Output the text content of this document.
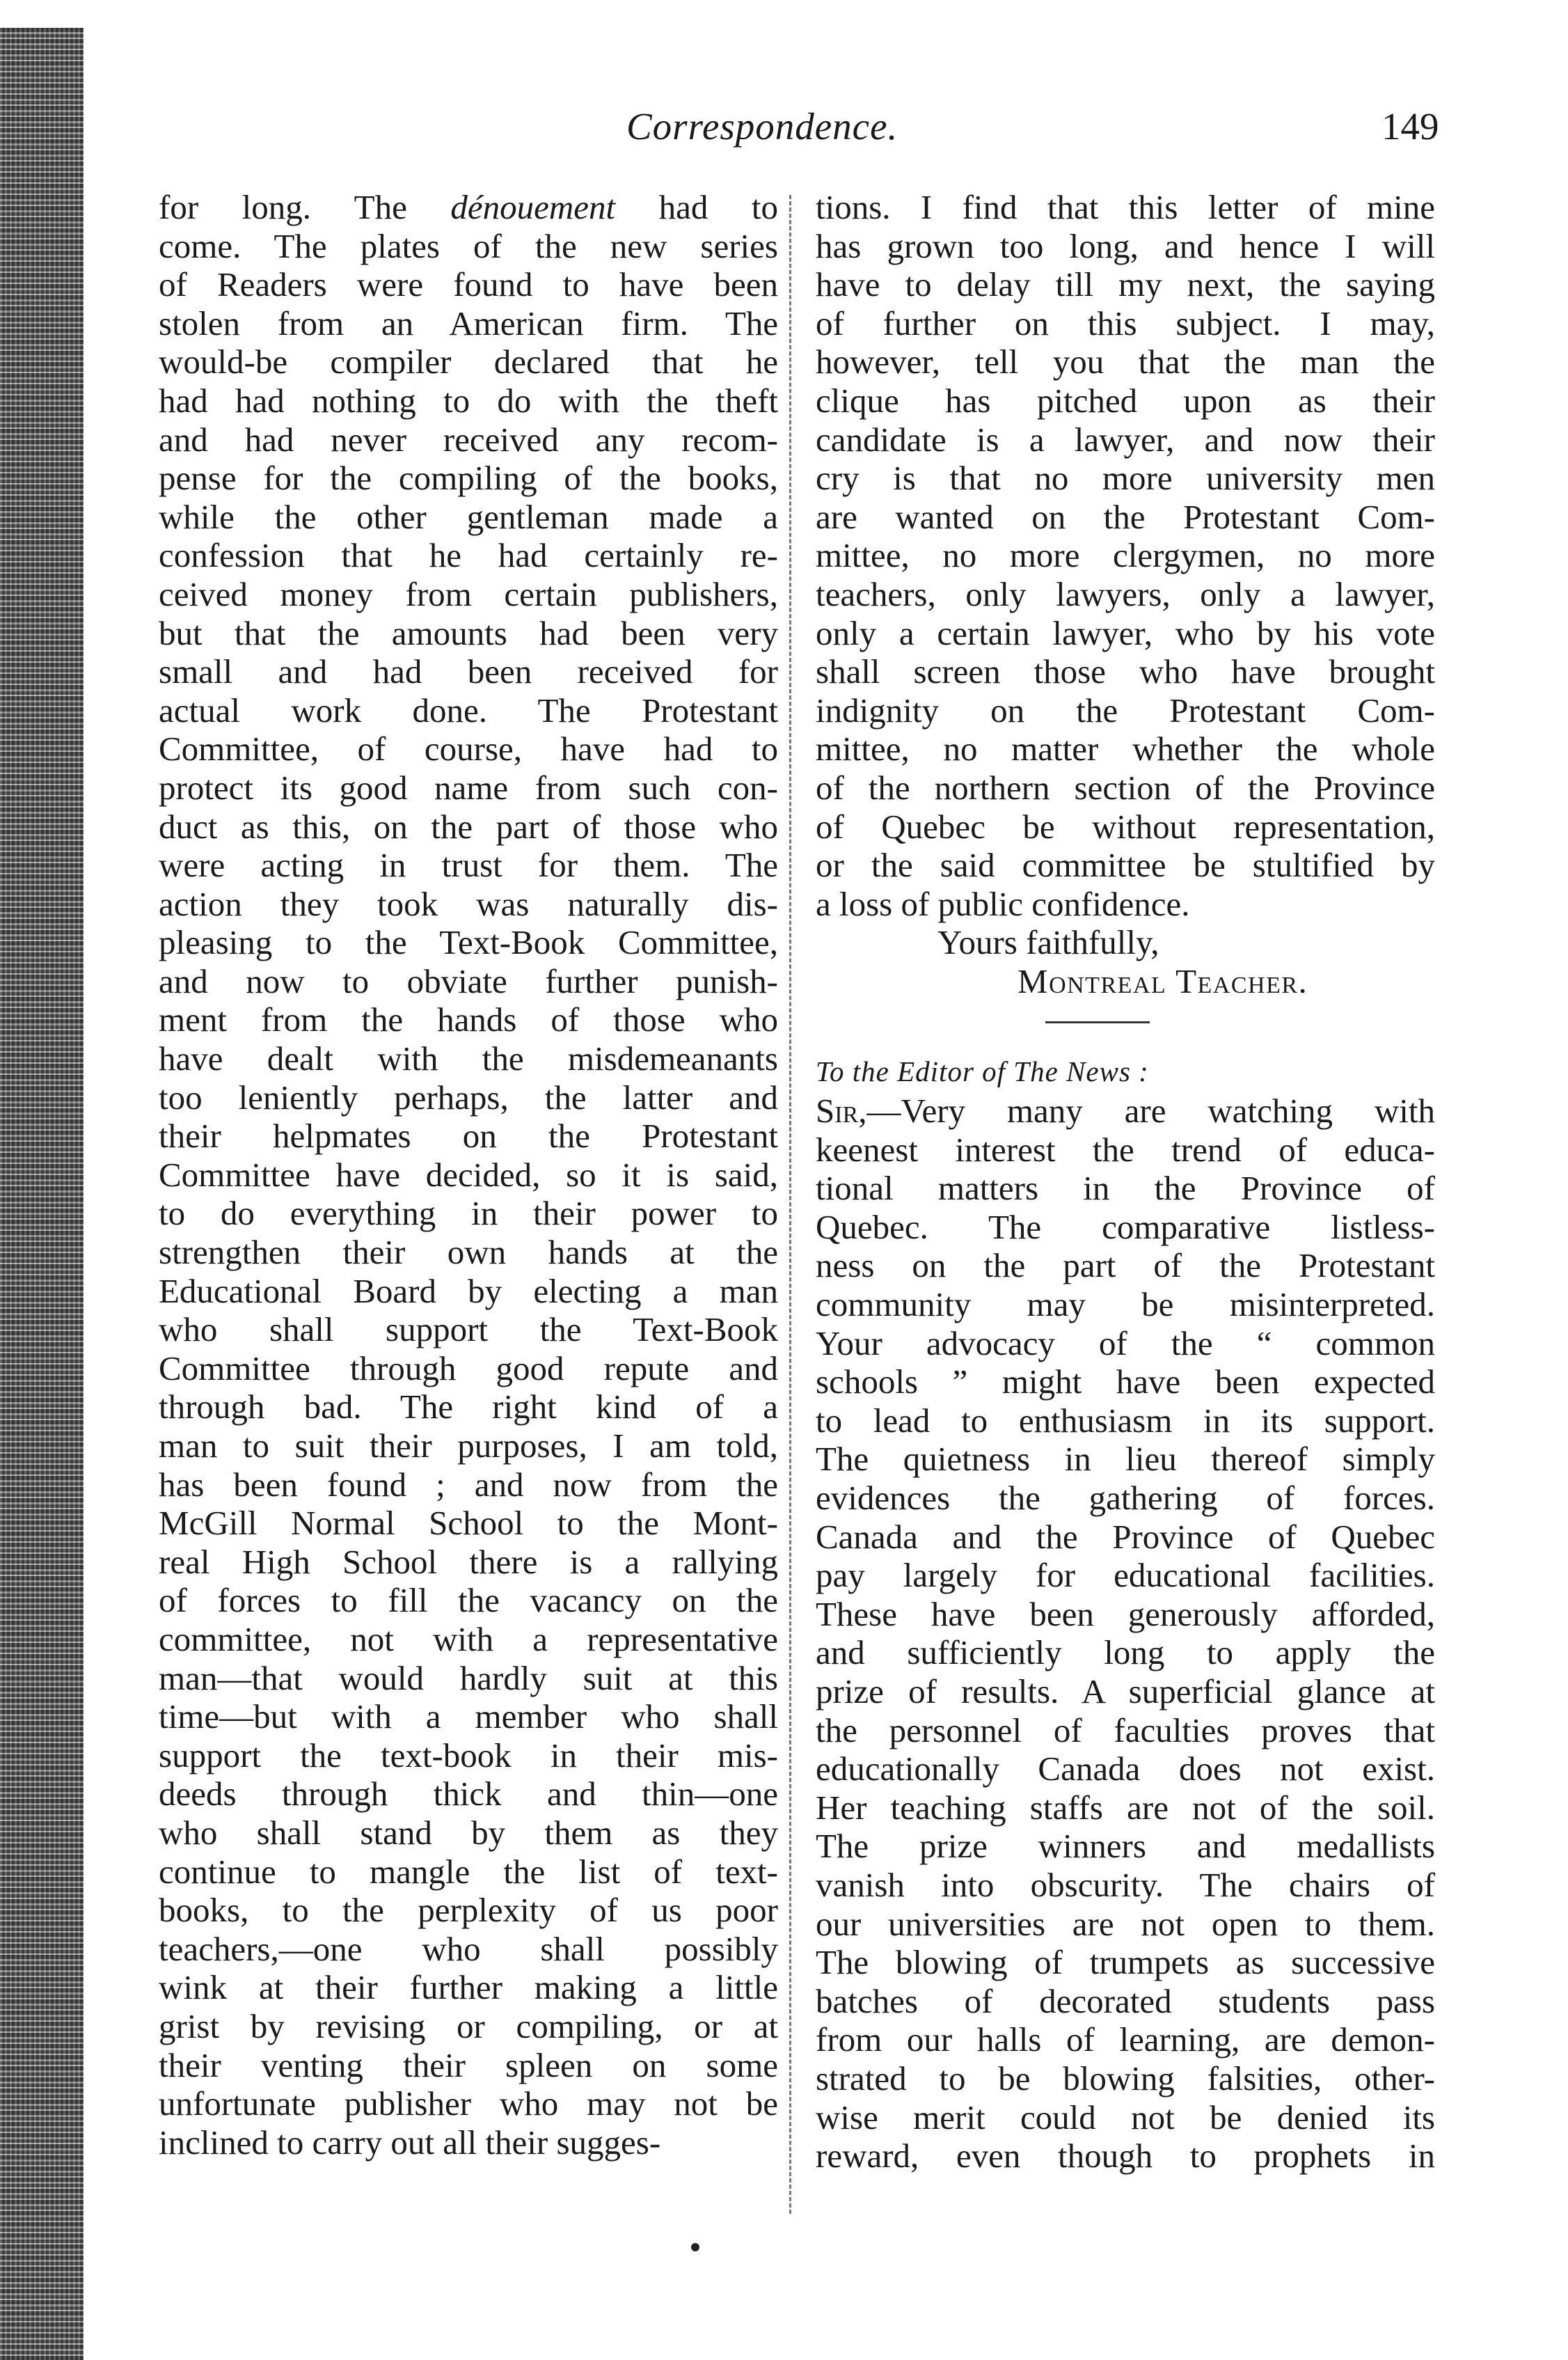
Correspondence.	149
for long. The dénouement had to
come. The plates of the new series
of Readers were found to have been
stolen from an American firm. The
would-be compiler declared that he
had had nothing to do with the theft
and had never received any recom-
pense for the compiling of the books,
while the other gentleman made a
confession that he had certainly re-
ceived money from certain publishers,
but that the amounts had been very
small and had been received for
actual work done. The Protestant
Committee, of course, have had to
protect its good name from such con-
duct as this, on the part of those who
were acting in trust for them. The
action they took was naturally dis-
pleasing to the Text-Book Committee,
and now to obviate further punish-
ment from the hands of those who
have dealt with the misdemeanants
too leniently perhaps, the latter and
their helpmates on the Protestant
Committee have decided, so it is said,
to do everything in their power to
strengthen their own hands at the
Educational Board by electing a man
who shall support the Text-Book
Committee through good repute and
through bad. The right kind of a
man to suit their purposes, I am told,
has been found ; and now from the
McGill Normal School to the Mont-
real High School there is a rallying
of forces to fill the vacancy on the
committee, not with a representative
man—that would hardly suit at this
time—but with a member who shall
support the text-book in their mis-
deeds through thick and thin—one
who shall stand by them as they
continue to mangle the list of text-
books, to the perplexity of us poor
teachers,—one who shall possibly
wink at their further making a little
grist by revising or compiling, or at
their venting their spleen on some
unfortunate publisher who may not be
inclined to carry out all their sugges-
tions. I find that this letter of mine
has grown too long, and hence I will
have to delay till my next, the saying
of further on this subject. I may,
however, tell you that the man the
clique has pitched upon as their
candidate is a lawyer, and now their
cry is that no more university men
are wanted on the Protestant Com-
mittee, no more clergymen, no more
teachers, only lawyers, only a lawyer,
only a certain lawyer, who by his vote
shall screen those who have brought
indignity on the Protestant Com-
mittee, no matter whether the whole
of the northern section of the Province
of Quebec be without representation,
or the said committee be stultified by
a loss of public confidence.
Yours faithfully,
Montreal Teacher.
To the Editor of The News :
Sir,—Very many are watching with
keenest interest the trend of educa-
tional matters in the Province of
Quebec. The comparative listless-
ness on the part of the Protestant
community may be misinterpreted.
Your advocacy of the “ common
schools ” might have been expected
to lead to enthusiasm in its support.
The quietness in lieu thereof simply
evidences the gathering of forces.
Canada and the Province of Quebec
pay largely for educational facilities.
These have been generously afforded,
and sufficiently long to apply the
prize of results. A superficial glance at
the personnel of faculties proves that
educationally Canada does not exist.
Her teaching staffs are not of the soil.
The prize winners and medallists
vanish into obscurity. The chairs of
our universities are not open to them.
The blowing of trumpets as successive
batches of decorated students pass
from our halls of learning, are demon-
strated to be blowing falsities, other-
wise merit could not be denied its
reward, even though to prophets in
